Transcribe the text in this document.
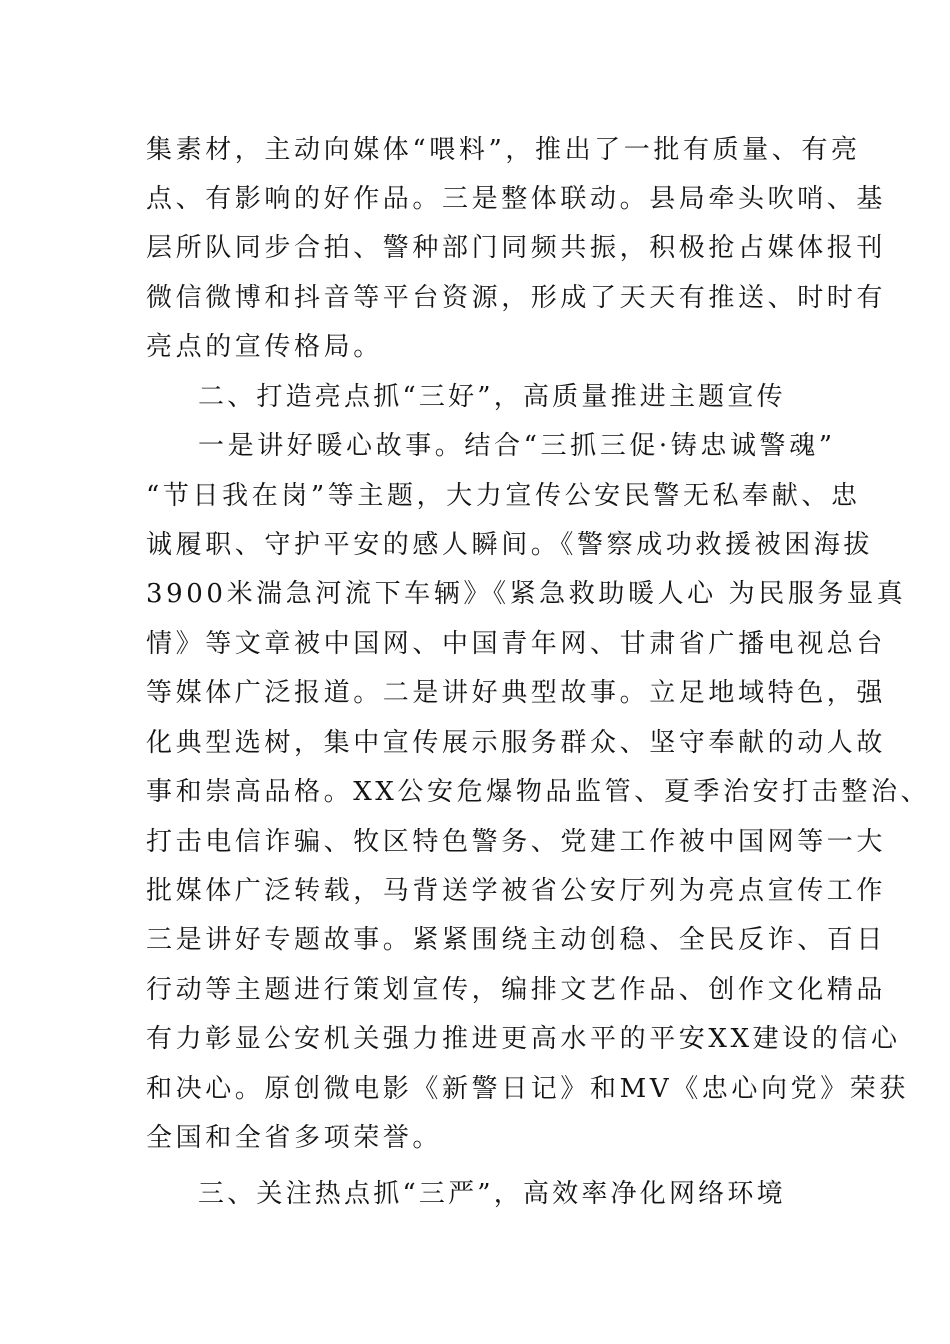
集素材，主动向媒体“喂料”，推出了一批有质量、有亮
点、有影响的好作品。三是整体联动。县局牵头吹哨、基
层所队同步合拍、警种部门同频共振，积极抢占媒体报刊
微信微博和抖音等平台资源，形成了天天有推送、时时有
亮点的宣传格局。
二、打造亮点抓“三好”，高质量推进主题宣传
一是讲好暖心故事。结合“三抓三促·铸忠诚警魂”
“节日我在岗”等主题，大力宣传公安民警无私奉献、忠
诚履职、守护平安的感人瞬间。《警察成功救援被困海拔
3900米湍急河流下车辆》《紧急救助暖人心 为民服务显真
情》等文章被中国网、中国青年网、甘肃省广播电视总台
等媒体广泛报道。二是讲好典型故事。立足地域特色，强
化典型选树，集中宣传展示服务群众、坚守奉献的动人故
事和崇高品格。XX公安危爆物品监管、夏季治安打击整治、
打击电信诈骗、牧区特色警务、党建工作被中国网等一大
批媒体广泛转载，马背送学被省公安厅列为亮点宣传工作
三是讲好专题故事。紧紧围绕主动创稳、全民反诈、百日
行动等主题进行策划宣传，编排文艺作品、创作文化精品
有力彰显公安机关强力推进更高水平的平安XX建设的信心
和决心。原创微电影《新警日记》和MV《忠心向党》荣获
全国和全省多项荣誉。
三、关注热点抓“三严”，高效率净化网络环境
